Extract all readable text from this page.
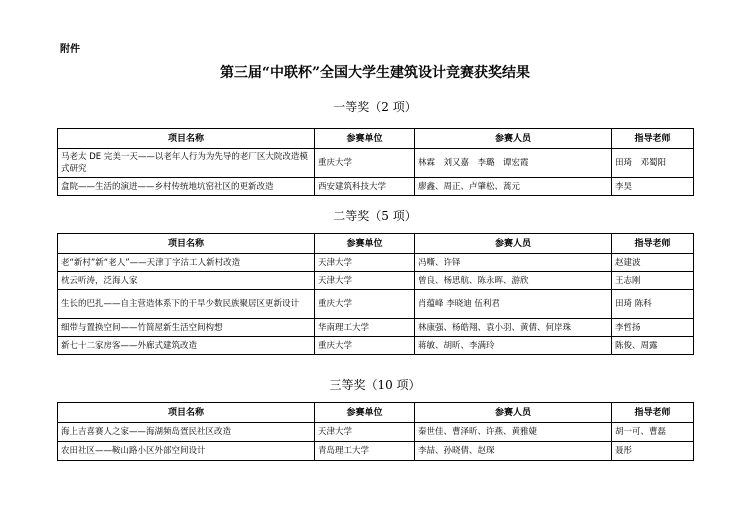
附件
第三届“中联杯”全国大学生建筑设计竞赛获奖结果
一等奖（2 项）
项目名称	参赛单位	参赛人员	指导老师
马老太 DE 完美一天——以老年人行为为先导的老厂区大院改造模式研究	重庆大学	林霖　刘又嘉　李璐　谭宏霞	田琦　邓蜀阳
盒院——生活的演进——乡村传统地坑窑社区的更新改造	西安建筑科技大学	廖鑫、周正、卢肇松、蒿元	李昊
二等奖（5 项）
项目名称	参赛单位	参赛人员	指导老师
老“新村”新“老人”——天津丁字沽工人新村改造	天津大学	冯嘶、许铎	赵建波
枕云听涛，泛海人家	天津大学	曾良、杨思航、陈永晖、游欣	王志刚
生长的巴扎——自主营造体系下的干旱少数民族聚居区更新设计	重庆大学	肖蕴峰 李晓迪 伍利君	田琦 陈科
细带与置换空间——竹简屋新生活空间构想	华南理工大学	林康强、杨皓翔、袁小羽、黄倩、何岸珠	李哲扬
新七十二家房客——外廊式建筑改造	重庆大学	蒋敏、胡昕、李满玲	陈俊、周露
三等奖（10 项）
项目名称	参赛单位	参赛人员	指导老师
海上吉喜赛人之家——海湖频岛疍民社区改造	天津大学	秦世佳、曹泽昕、许燕、黄雅婕	胡一可、曹磊
农田社区——鞍山路小区外部空间设计	青岛理工大学	李喆、孙晓倩、赵琛	聂彤
